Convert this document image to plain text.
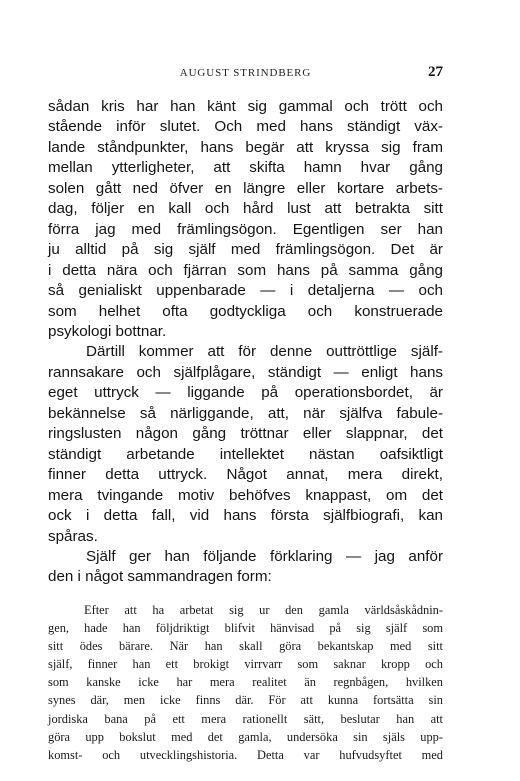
AUGUST STRINDBERG	27
sådan kris har han känt sig gammal och trött och
stående inför slutet. Och med hans ständigt väx-
lande ståndpunkter, hans begär att kryssa sig fram
mellan ytterligheter, att skifta hamn hvar gång
solen gått ned öfver en längre eller kortare arbets-
dag, följer en kall och hård lust att betrakta sitt
förra jag med främlingsögon. Egentligen ser han
ju alltid på sig själf med främlingsögon. Det är
i detta nära och fjärran som hans på samma gång
så genialiskt uppenbarade — i detaljerna — och
som helhet ofta godtyckliga och konstruerade
psykologi bottnar.
Därtill kommer att för denne outtröttlige själf-
rannsakare och själfplågare, ständigt — enligt hans
eget uttryck — liggande på operationsbordet, är
bekännelse så närliggande, att, när själfva fabule-
ringslusten någon gång tröttnar eller slappnar, det
ständigt arbetande intellektet nästan oafsiktligt
finner detta uttryck. Något annat, mera direkt,
mera tvingande motiv behöfves knappast, om det
ock i detta fall, vid hans första själfbiografi, kan
spåras.
Själf ger han följande förklaring — jag anför
den i något sammandragen form:
Efter att ha arbetat sig ur den gamla världsåskådnin-
gen, hade han följdriktigt blifvit hänvisad på sig själf som
sitt ödes bärare. När han skall göra bekantskap med sitt
själf, finner han ett brokigt virrvarr som saknar kropp och
som kanske icke har mera realitet än regnbågen, hvilken
synes där, men icke finns där. För att kunna fortsätta sin
jordiska bana på ett mera rationellt sätt, beslutar han att
göra upp bokslut med det gamla, undersöka sin själs upp-
komst- och utvecklingshistoria. Detta var hufvudsyftet med
